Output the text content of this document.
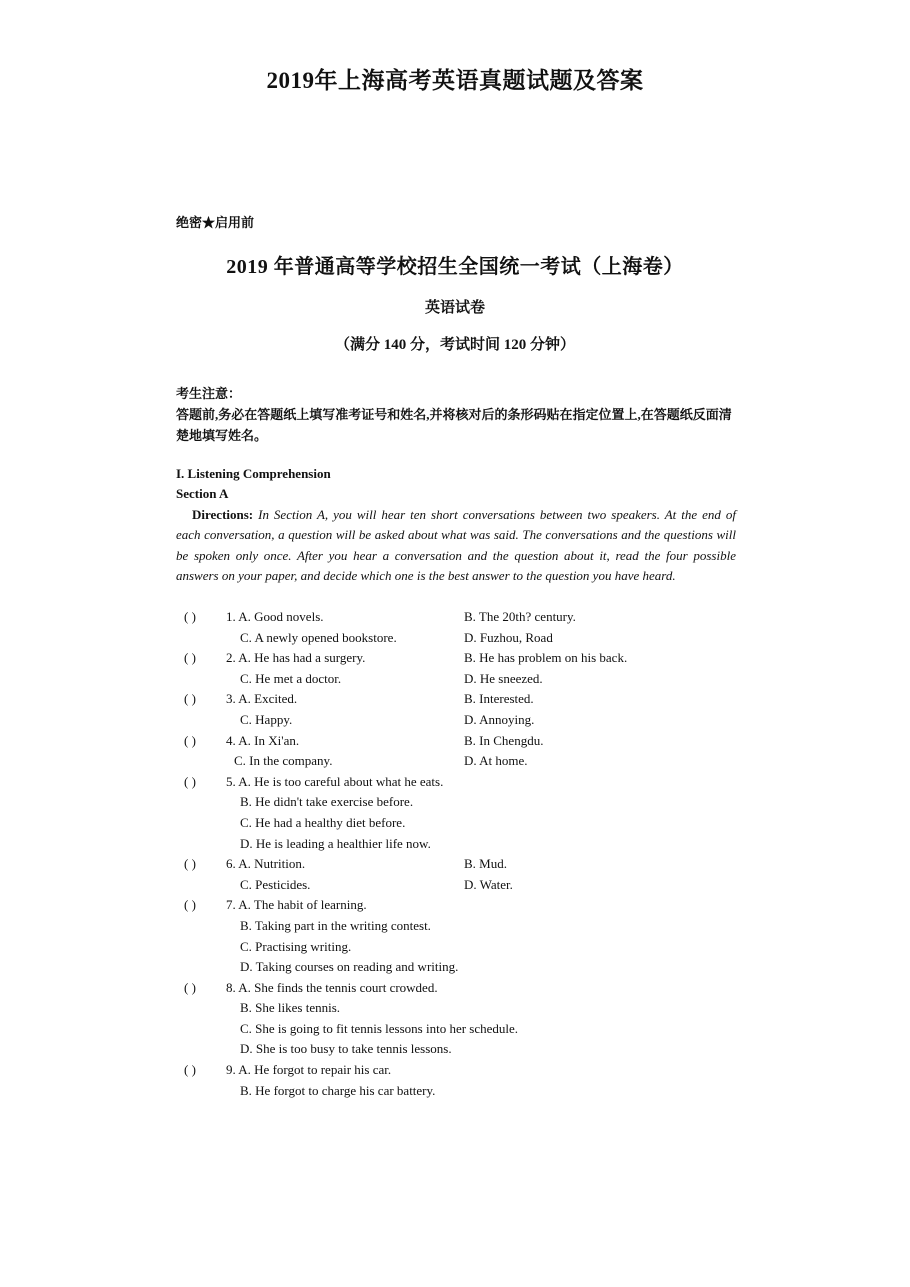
2019年上海高考英语真题试题及答案
绝密★启用前
2019 年普通高等学校招生全国统一考试（上海卷）
英语试卷
（满分 140 分，考试时间 120 分钟）
考生注意：
答题前,务必在答题纸上填写准考证号和姓名,并将核对后的条形码贴在指定位置上,在答题纸反面清楚地填写姓名。
I. Listening Comprehension
Section A
Directions: In Section A, you will hear ten short conversations between two speakers. At the end of each conversation, a question will be asked about what was said. The conversations and the questions will be spoken only once. After you hear a conversation and the question about it, read the four possible answers on your paper, and decide which one is the best answer to the question you have heard.
( ) 1. A. Good novels.	B. The 20th? century.
C. A newly opened bookstore.	D. Fuzhou, Road
( ) 2. A. He has had a surgery.	B. He has problem on his back.
C. He met a doctor.	D. He sneezed.
( ) 3. A. Excited.	B. Interested.
C. Happy.	D. Annoying.
( ) 4. A. In Xi'an.	B. In Chengdu.
C. In the company.	D. At home.
( ) 5. A. He is too careful about what he eats.
B. He didn't take exercise before.
C. He had a healthy diet before.
D. He is leading a healthier life now.
( ) 6. A. Nutrition.	B. Mud.
C. Pesticides.	D. Water.
( ) 7. A. The habit of learning.
B. Taking part in the writing contest.
C. Practising writing.
D. Taking courses on reading and writing.
( ) 8. A. She finds the tennis court crowded.
B. She likes tennis.
C. She is going to fit tennis lessons into her schedule.
D. She is too busy to take tennis lessons.
( ) 9. A. He forgot to repair his car.
B. He forgot to charge his car battery.
